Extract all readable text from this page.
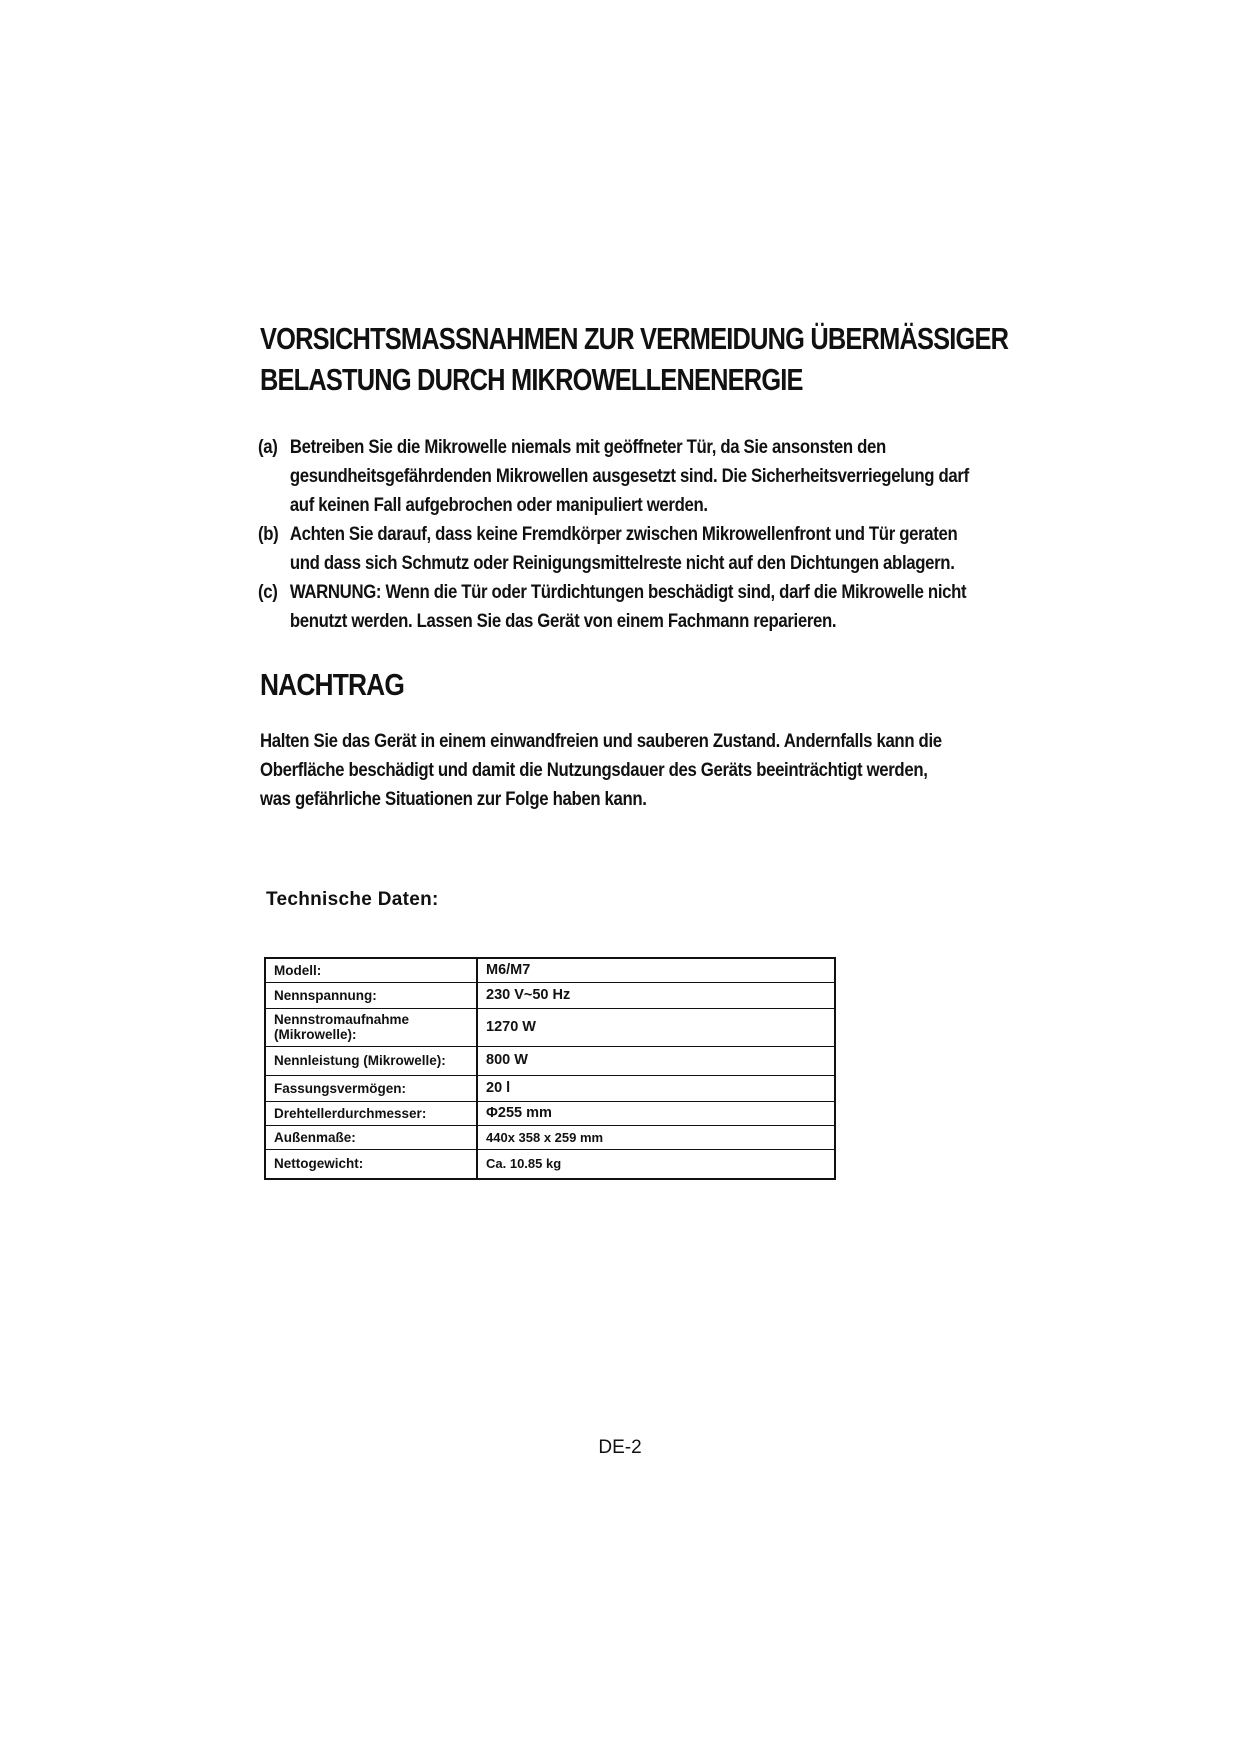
VORSICHTSMASSNAHMEN ZUR VERMEIDUNG ÜBERMÄSSIGER
BELASTUNG DURCH MIKROWELLENENERGIE
(a) Betreiben Sie die Mikrowelle niemals mit geöffneter Tür, da Sie ansonsten den gesundheitsgefährdenden Mikrowellen ausgesetzt sind. Die Sicherheitsverriegelung darf auf keinen Fall aufgebrochen oder manipuliert werden.
(b) Achten Sie darauf, dass keine Fremdkörper zwischen Mikrowellenfront und Tür geraten und dass sich Schmutz oder Reinigungsmittelreste nicht auf den Dichtungen ablagern.
(c) WARNUNG: Wenn die Tür oder Türdichtungen beschädigt sind, darf die Mikrowelle nicht benutzt werden. Lassen Sie das Gerät von einem Fachmann reparieren.
NACHTRAG
Halten Sie das Gerät in einem einwandfreien und sauberen Zustand. Andernfalls kann die Oberfläche beschädigt und damit die Nutzungsdauer des Geräts beeinträchtigt werden, was gefährliche Situationen zur Folge haben kann.
Technische Daten:
Modell:	M6/M7
Nennspannung:	230 V~50 Hz
Nennstromaufnahme (Mikrowelle):	1270 W
Nennleistung (Mikrowelle):	800 W
Fassungsvermögen:	20 l
Drehtellerdurchmesser:	Φ255 mm
Außenmaße:	440x 358 x 259 mm
Nettogewicht:	Ca. 10.85 kg
DE-2
